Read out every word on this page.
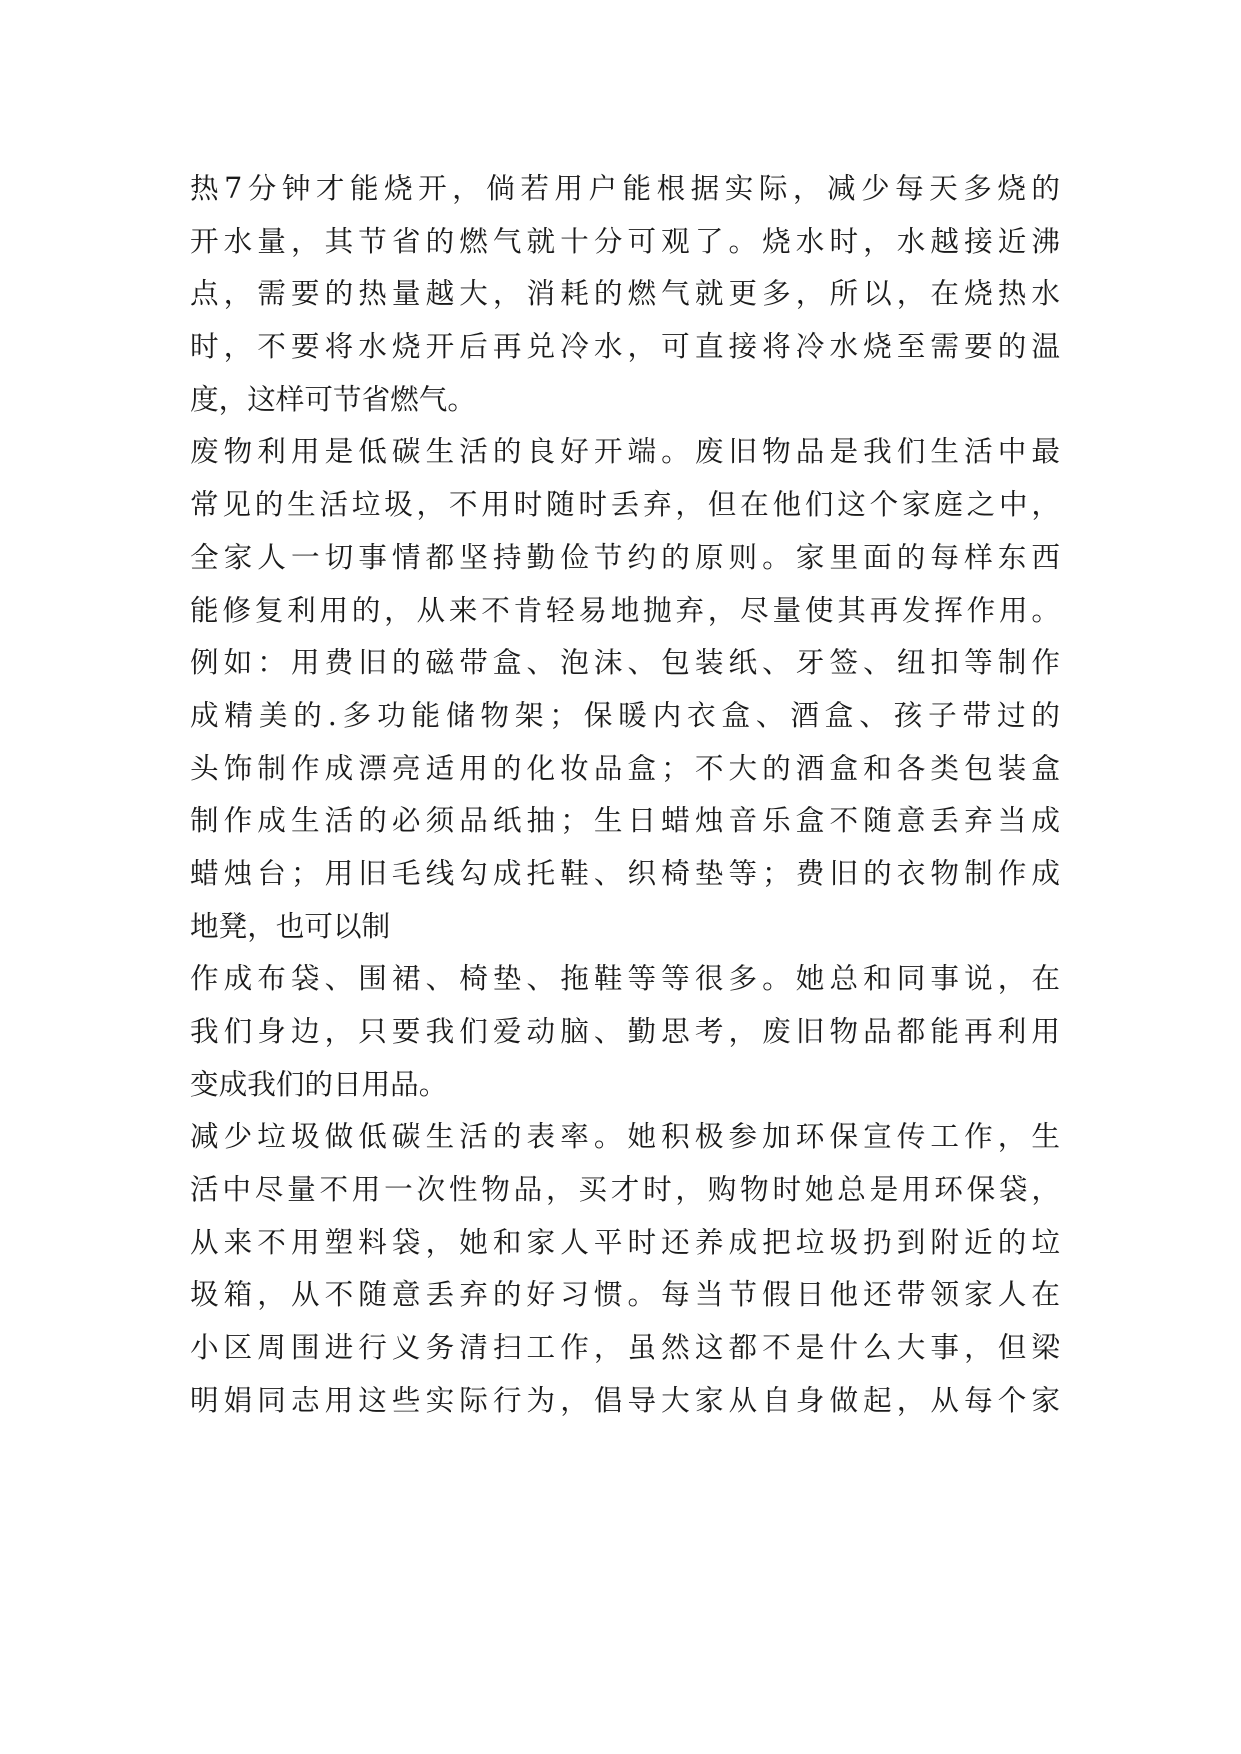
热7分钟才能烧开，倘若用户能根据实际，减少每天多烧的
开水量，其节省的燃气就十分可观了。烧水时，水越接近沸
点，需要的热量越大，消耗的燃气就更多，所以，在烧热水
时，不要将水烧开后再兑冷水，可直接将冷水烧至需要的温
度，这样可节省燃气。
废物利用是低碳生活的良好开端。废旧物品是我们生活中最
常见的生活垃圾，不用时随时丢弃，但在他们这个家庭之中，
全家人一切事情都坚持勤俭节约的原则。家里面的每样东西
能修复利用的，从来不肯轻易地抛弃，尽量使其再发挥作用。
例如：用费旧的磁带盒、泡沫、包装纸、牙签、纽扣等制作
成精美的.多功能储物架；保暖内衣盒、酒盒、孩子带过的
头饰制作成漂亮适用的化妆品盒；不大的酒盒和各类包装盒
制作成生活的必须品纸抽；生日蜡烛音乐盒不随意丢弃当成
蜡烛台；用旧毛线勾成托鞋、织椅垫等；费旧的衣物制作成
地凳，也可以制
作成布袋、围裙、椅垫、拖鞋等等很多。她总和同事说，在
我们身边，只要我们爱动脑、勤思考，废旧物品都能再利用
变成我们的日用品。
减少垃圾做低碳生活的表率。她积极参加环保宣传工作，生
活中尽量不用一次性物品，买才时，购物时她总是用环保袋，
从来不用塑料袋，她和家人平时还养成把垃圾扔到附近的垃
圾箱，从不随意丢弃的好习惯。每当节假日他还带领家人在
小区周围进行义务清扫工作，虽然这都不是什么大事，但梁
明娟同志用这些实际行为，倡导大家从自身做起，从每个家
